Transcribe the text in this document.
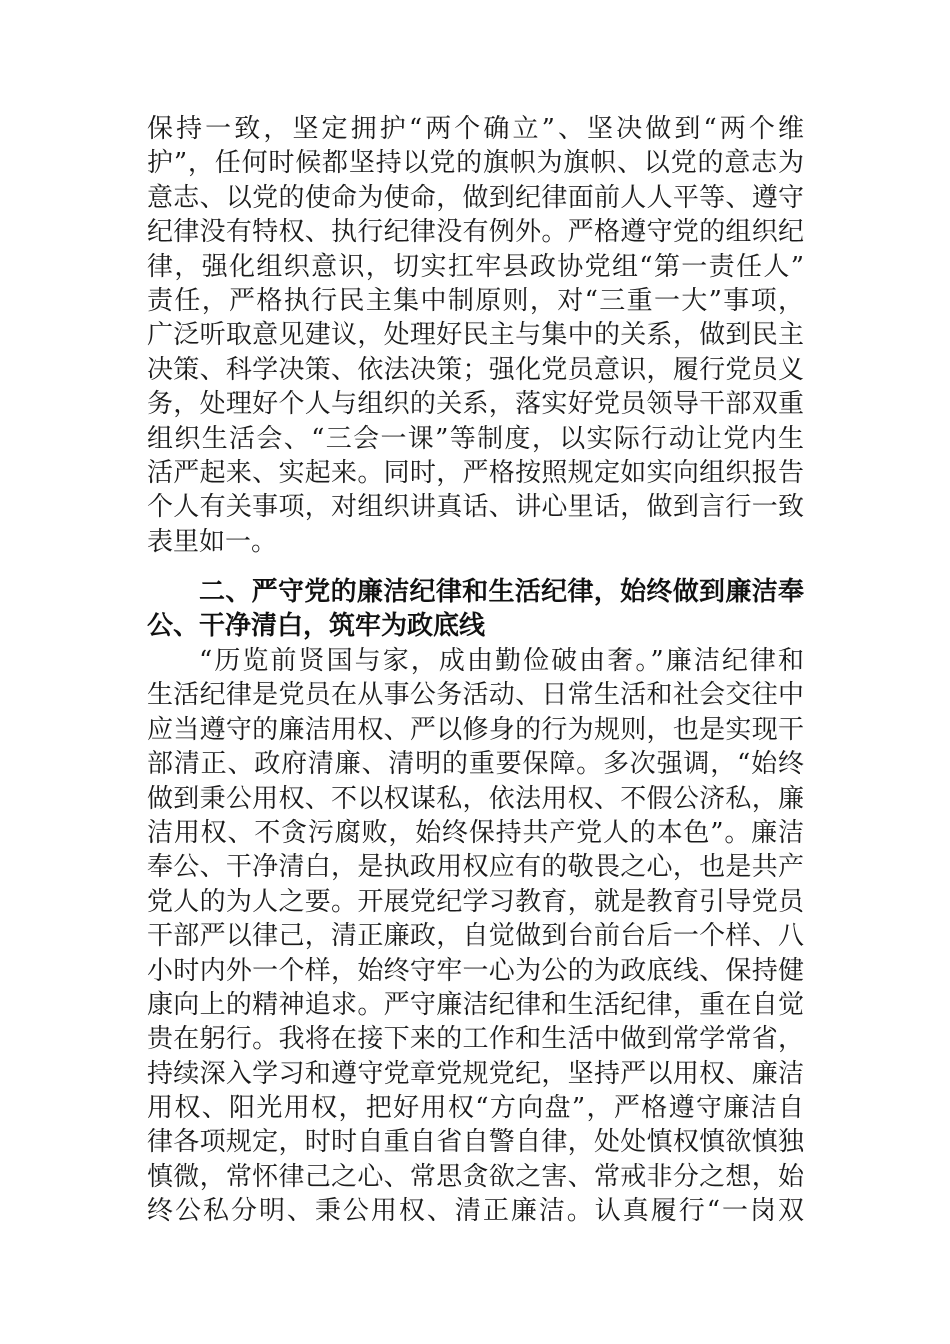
保持一致，坚定拥护“两个确立”、坚决做到“两个维
护”，任何时候都坚持以党的旗帜为旗帜、以党的意志为
意志、以党的使命为使命，做到纪律面前人人平等、遵守
纪律没有特权、执行纪律没有例外。严格遵守党的组织纪
律，强化组织意识，切实扛牢县政协党组“第一责任人”
责任，严格执行民主集中制原则，对“三重一大”事项，
广泛听取意见建议，处理好民主与集中的关系，做到民主
决策、科学决策、依法决策；强化党员意识，履行党员义
务，处理好个人与组织的关系，落实好党员领导干部双重
组织生活会、“三会一课”等制度，以实际行动让党内生
活严起来、实起来。同时，严格按照规定如实向组织报告
个人有关事项，对组织讲真话、讲心里话，做到言行一致
表里如一。
二、严守党的廉洁纪律和生活纪律，始终做到廉洁奉
公、干净清白，筑牢为政底线
“历览前贤国与家，成由勤俭破由奢。”廉洁纪律和
生活纪律是党员在从事公务活动、日常生活和社会交往中
应当遵守的廉洁用权、严以修身的行为规则，也是实现干
部清正、政府清廉、清明的重要保障。多次强调，“始终
做到秉公用权、不以权谋私，依法用权、不假公济私，廉
洁用权、不贪污腐败，始终保持共产党人的本色”。廉洁
奉公、干净清白，是执政用权应有的敬畏之心，也是共产
党人的为人之要。开展党纪学习教育，就是教育引导党员
干部严以律己，清正廉政，自觉做到台前台后一个样、八
小时内外一个样，始终守牢一心为公的为政底线、保持健
康向上的精神追求。严守廉洁纪律和生活纪律，重在自觉
贵在躬行。我将在接下来的工作和生活中做到常学常省，
持续深入学习和遵守党章党规党纪，坚持严以用权、廉洁
用权、阳光用权，把好用权“方向盘”，严格遵守廉洁自
律各项规定，时时自重自省自警自律，处处慎权慎欲慎独
慎微，常怀律己之心、常思贪欲之害、常戒非分之想，始
终公私分明、秉公用权、清正廉洁。认真履行“一岗双
